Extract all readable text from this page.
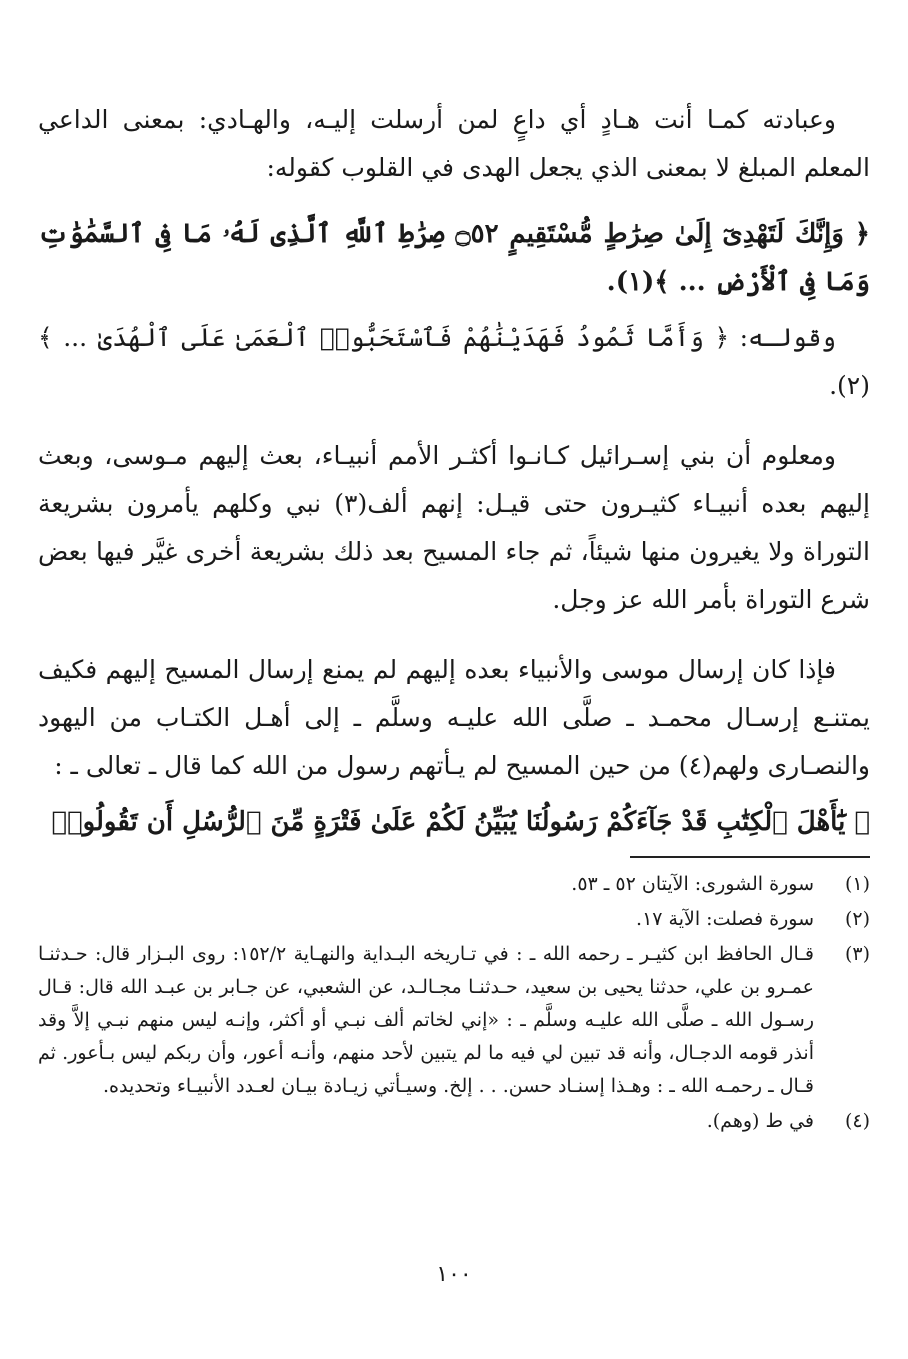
وعبادته كمـا أنت هـادٍ أي داعٍ لمن أرسلت إليـه، والهـادي: بمعنى الداعي المعلم المبلغ لا بمعنى الذي يجعل الهدى في القلوب كقوله:

﴿ وَإِنَّكَ لَتَهْدِىٓ إِلَىٰ صِرَٰطٍ مُّسْتَقِيمٍ ۝٥٢ صِرَٰطِ ٱللَّهِ ٱلَّذِى لَهُۥ مَا فِى ٱلسَّمَٰوَٰتِ وَمَا فِى ٱلْأَرْضِ ... ﴾(١).

وقولـه: ﴿ وَأَمَّا ثَمُودُ فَهَدَيْنَٰهُمْ فَٱسْتَحَبُّوا۟ ٱلْعَمَىٰ عَلَى ٱلْهُدَىٰ ... ﴾(٢).

ومعلوم أن بني إسـرائيل كـانـوا أكثـر الأمم أنبيـاء، بعث إليهم مـوسى، وبعث إليهم بعده أنبيـاء كثيـرون حتى قيـل: إنهم ألف(٣) نبي وكلهم يأمرون بشريعة التوراة ولا يغيرون منها شيئاً، ثم جاء المسيح بعد ذلك بشريعة أخرى غيَّر فيها بعض شرع التوراة بأمر الله عز وجل.

فإذا كان إرسال موسى والأنبياء بعده إليهم لم يمنع إرسال المسيح إليهم فكيف يمتنـع إرسـال محمـد ـ صلَّى الله عليـه وسلَّم ـ إلى أهـل الكتـاب من اليهود والنصـارى ولهم(٤) من حين المسيح لم يـأتهم رسول من الله كما قال ـ تعالى ـ :

﴿ يَٰٓأَهْلَ ٱلْكِتَٰبِ قَدْ جَآءَكُمْ رَسُولُنَا يُبَيِّنُ لَكُمْ عَلَىٰ فَتْرَةٍ مِّنَ ٱلرُّسُلِ أَن تَقُولُوا۟

(١)
سورة الشورى: الآيتان ٥٢ ـ ٥٣.
(٢)
سورة فصلت: الآية ١٧.
(٣)
قـال الحافظ ابن كثيـر ـ رحمه الله ـ : في تـاريخه البـداية والنهـاية ١٥٢/٢: روى البـزار قال: حـدثنـا عمـرو بن علي، حدثنا يحيى بن سعيد، حـدثنـا مجـالـد، عن الشعبي، عن جـابر بن عبـد الله قال: قـال رسـول الله ـ صلَّى الله عليـه وسلَّم ـ : «إني لخاتم ألف نبـي أو أكثر، وإنـه ليس منهم نبـي إلاَّ وقد أنذر قومه الدجـال، وأنه قد تبين لي فيه ما لم يتبين لأحد منهم، وأنـه أعور، وأن ربكم ليس بـأعور. ثم قـال ـ رحمـه الله ـ : وهـذا إسنـاد حسن. . . إلخ. وسيـأتي زيـادة بيـان لعـدد الأنبيـاء وتحديده.
(٤)
في ط (وهم).
١٠٠
